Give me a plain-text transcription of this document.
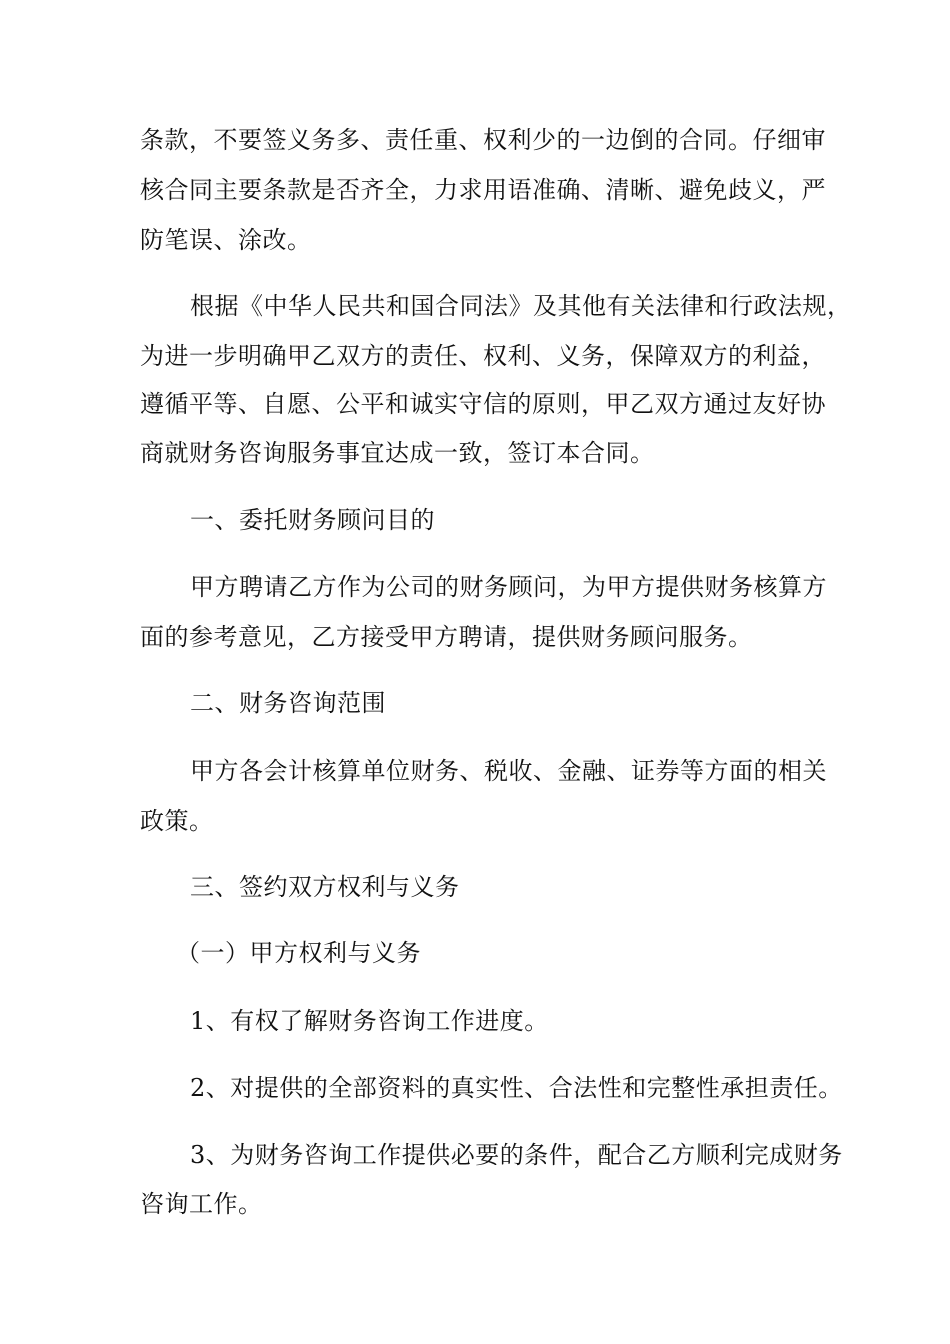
条款，不要签义务多、责任重、权利少的一边倒的合同。仔细审
核合同主要条款是否齐全，力求用语准确、清晰、避免歧义，严
防笔误、涂改。
根据《中华人民共和国合同法》及其他有关法律和行政法规，
为进一步明确甲乙双方的责任、权利、义务，保障双方的利益，
遵循平等、自愿、公平和诚实守信的原则，甲乙双方通过友好协
商就财务咨询服务事宜达成一致，签订本合同。
一、委托财务顾问目的
甲方聘请乙方作为公司的财务顾问，为甲方提供财务核算方
面的参考意见，乙方接受甲方聘请，提供财务顾问服务。
二、财务咨询范围
甲方各会计核算单位财务、税收、金融、证券等方面的相关
政策。
三、签约双方权利与义务
（一）甲方权利与义务
1、有权了解财务咨询工作进度。
2、对提供的全部资料的真实性、合法性和完整性承担责任。
3、为财务咨询工作提供必要的条件，配合乙方顺利完成财务
咨询工作。
